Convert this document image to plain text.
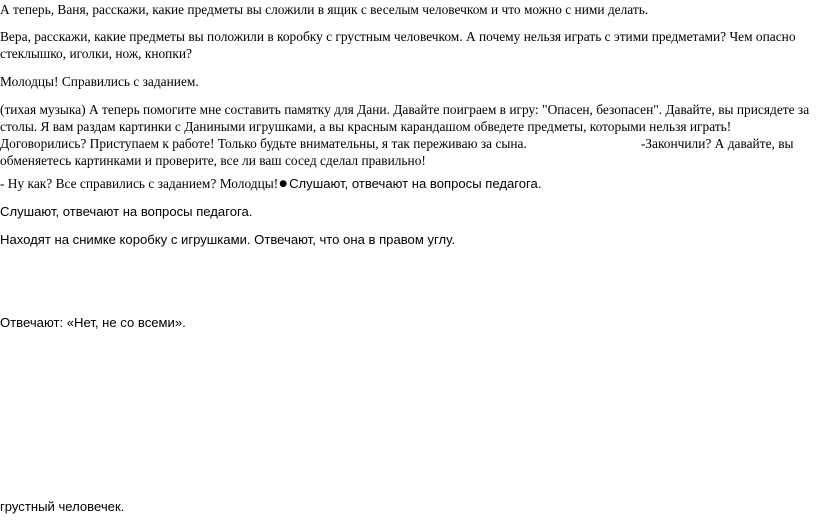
А теперь, Ваня, расскажи, какие предметы вы сложили в ящик с веселым человечком и что можно с ними делать.

Вера, расскажи, какие предметы вы положили в коробку с грустным человечком. А почему нельзя играть с этими предметами? Чем опасно стеклышко, иголки, нож, кнопки?

Молодцы! Справились с заданием.

(тихая музыка) А теперь помогите мне составить памятку для Дани. Давайте поиграем в игру: "Опасен, безопасен". Давайте, вы присядете за столы. Я вам раздам картинки с Даниными игрушками, а вы красным карандашом обведете предметы, которыми нельзя играть! Договорились? Приступаем к работе! Только будьте внимательны, я так переживаю за сына.	-Закончили? А давайте, вы обменяетесь картинками и проверите, все ли ваш сосед сделал правильно!

- Ну как? Все справились с заданием? Молодцы!● Слушают, отвечают на вопросы педагога.

Слушают, отвечают на вопросы педагога.

Находят на снимке коробку с игрушками. Отвечают, что она в правом углу.

Отвечают: «Нет, не со всеми».

грустный человечек.
